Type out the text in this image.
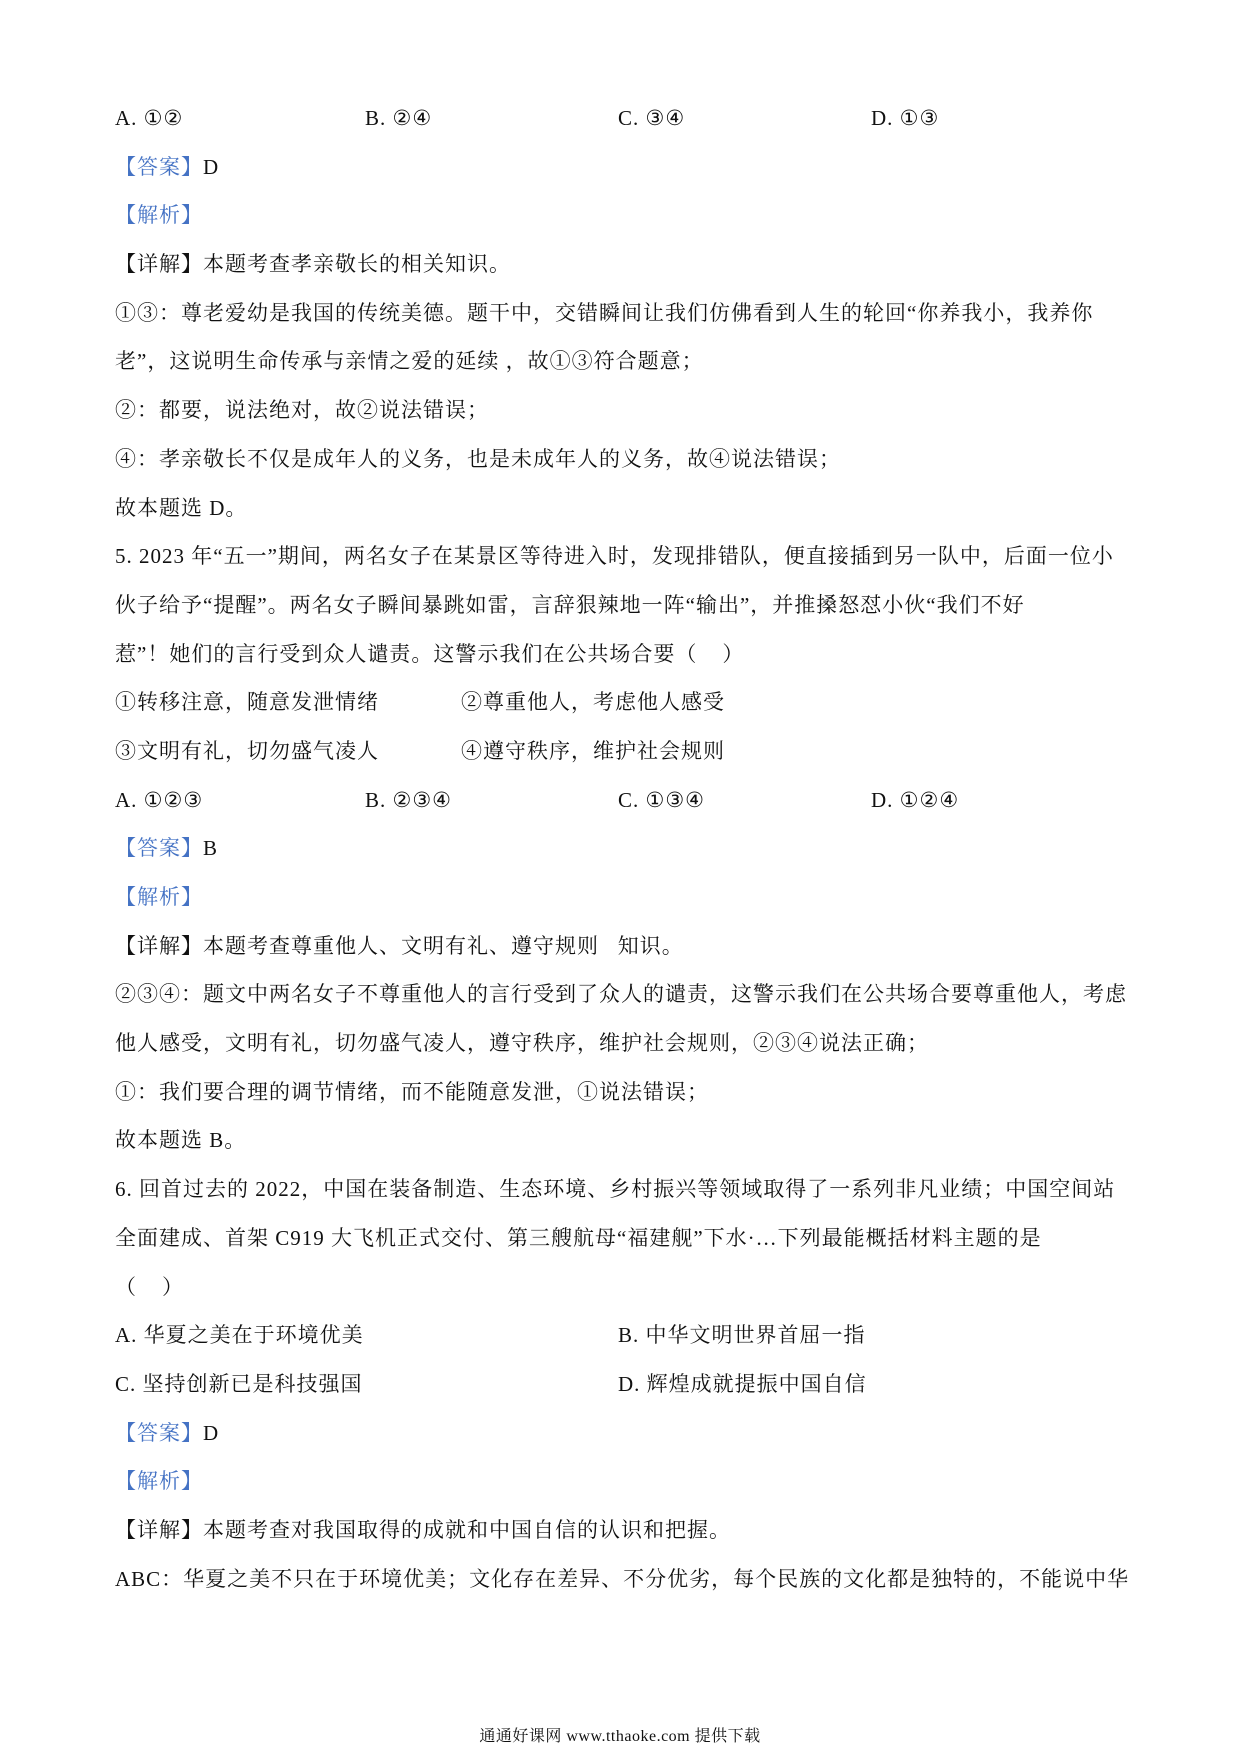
A. ①②	B. ②④	C. ③④	D. ①③
【答案】D
【解析】
【详解】本题考查孝亲敬长的相关知识。
①③：尊老爱幼是我国的传统美德。题干中，交错瞬间让我们仿佛看到人生的轮回“你养我小，我养你
老”，这说明生命传承与亲情之爱的延续 ，故①③符合题意；
②：都要，说法绝对，故②说法错误；
④：孝亲敬长不仅是成年人的义务，也是未成年人的义务，故④说法错误；
故本题选 D。
5. 2023 年“五一”期间，两名女子在某景区等待进入时，发现排错队，便直接插到另一队中，后面一位小
伙子给予“提醒”。两名女子瞬间暴跳如雷，言辞狠辣地一阵“输出”，并推搡怒怼小伙“我们不好
惹”！她们的言行受到众人谴责。这警示我们在公共场合要（    ）
①转移注意，随意发泄情绪	②尊重他人，考虑他人感受
③文明有礼，切勿盛气凌人	④遵守秩序，维护社会规则
A. ①②③	B. ②③④	C. ①③④	D. ①②④
【答案】B
【解析】
【详解】本题考查尊重他人、文明有礼、遵守规则   知识。
②③④：题文中两名女子不尊重他人的言行受到了众人的谴责，这警示我们在公共场合要尊重他人，考虑
他人感受，文明有礼，切勿盛气凌人，遵守秩序，维护社会规则，②③④说法正确；
①：我们要合理的调节情绪，而不能随意发泄，①说法错误；
故本题选 B。
6. 回首过去的 2022，中国在装备制造、生态环境、乡村振兴等领域取得了一系列非凡业绩；中国空间站
全面建成、首架 C919 大飞机正式交付、第三艘航母“福建舰”下水·…下列最能概括材料主题的是
（    ）
A. 华夏之美在于环境优美	B. 中华文明世界首屈一指
C. 坚持创新已是科技强国	D. 辉煌成就提振中国自信
【答案】D
【解析】
【详解】本题考查对我国取得的成就和中国自信的认识和把握。
ABC：华夏之美不只在于环境优美；文化存在差异、不分优劣，每个民族的文化都是独特的，不能说中华
通通好课网 www.tthaoke.com 提供下载
